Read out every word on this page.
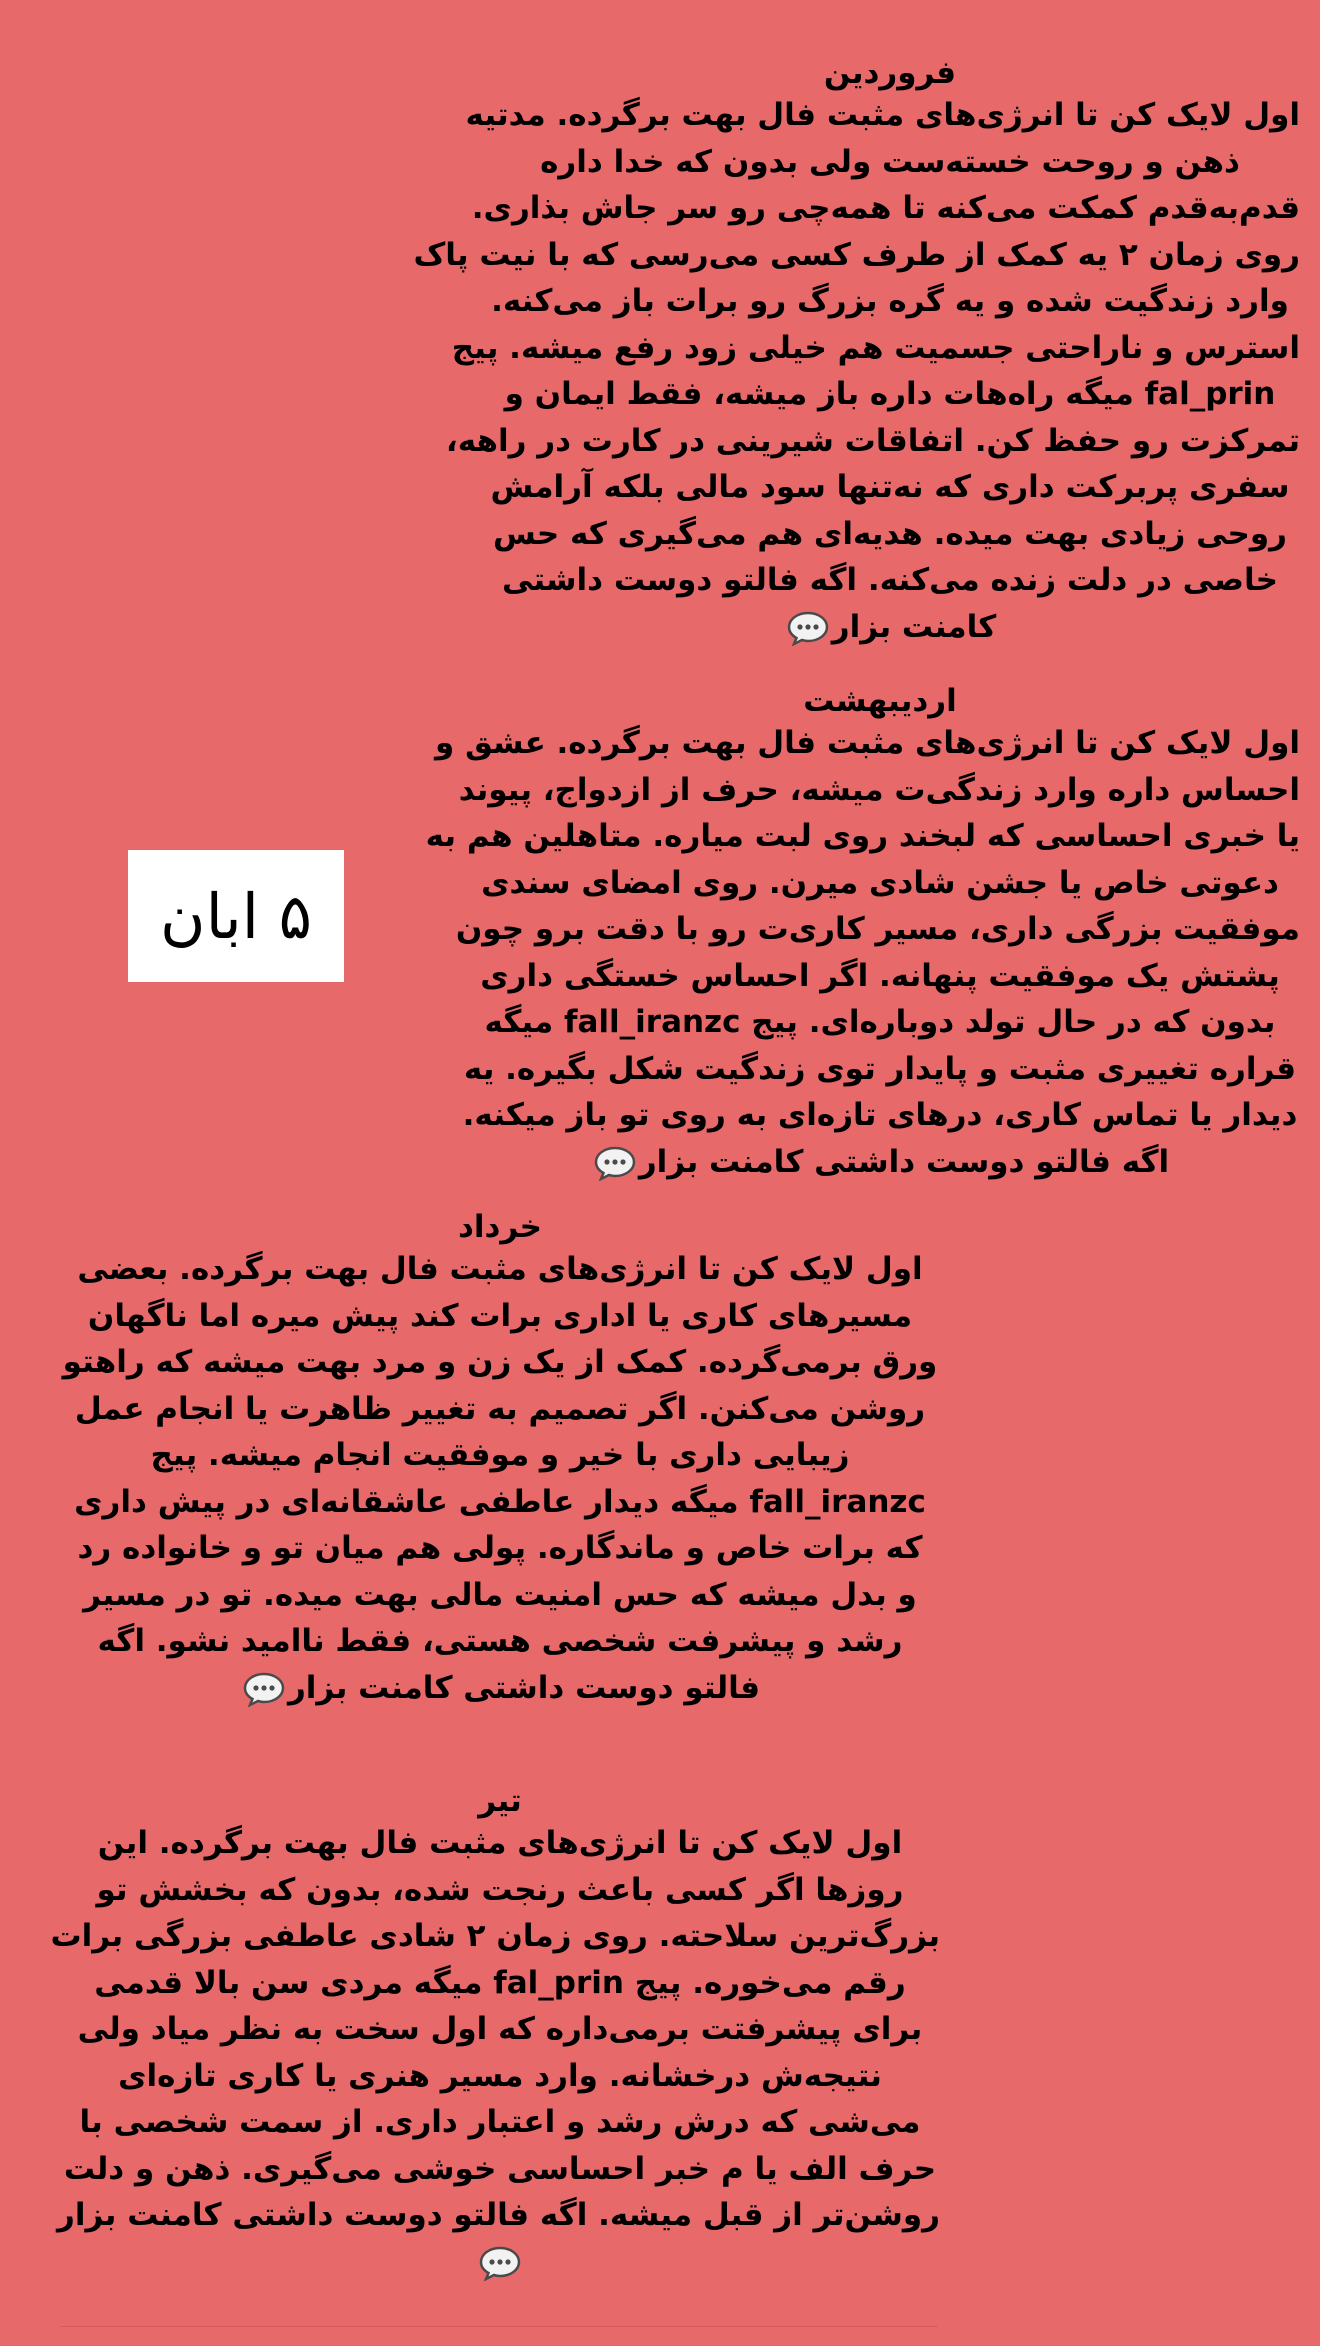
فروردین
اول لایک کن تا انرژی‌های مثبت فال بهت برگرده. مدتیه
ذهن و روحت خسته‌ست ولی بدون که خدا داره
قدم‌به‌قدم کمکت می‌کنه تا همه‌چی رو سر جاش بذاری.
روی زمان ۲ یه کمک از طرف کسی می‌رسی که با نیت پاک
وارد زندگیت شده و یه گره بزرگ رو برات باز می‌کنه.
استرس و ناراحتی جسمیت هم خیلی زود رفع میشه. پیج
fal_prin میگه راه‌هات داره باز میشه، فقط ایمان و
تمرکزت رو حفظ کن. اتفاقات شیرینی در کارت در راهه،
سفری پربرکت داری که نه‌تنها سود مالی بلکه آرامش
روحی زیادی بهت میده. هدیه‌ای هم می‌گیری که حس
خاصی در دلت زنده می‌کنه. اگه فالتو دوست داشتی
کامنت بزار
اردیبهشت
اول لایک کن تا انرژی‌های مثبت فال بهت برگرده. عشق و
احساس داره وارد زندگی‌ت میشه، حرف از ازدواج، پیوند
یا خبری احساسی که لبخند روی لبت میاره. متاهلین هم به
دعوتی خاص یا جشن شادی میرن. روی امضای سندی
موفقیت بزرگی داری، مسیر کاری‌ت رو با دقت برو چون
پشتش یک موفقیت پنهانه. اگر احساس خستگی داری
بدون که در حال تولد دوباره‌ای. پیج fall_iranzc میگه
قراره تغییری مثبت و پایدار توی زندگیت شکل بگیره. یه
دیدار یا تماس کاری، درهای تازه‌ای به روی تو باز میکنه.
اگه فالتو دوست داشتی کامنت بزار
۵ ابان
خرداد
اول لایک کن تا انرژی‌های مثبت فال بهت برگرده. بعضی
مسیرهای کاری یا اداری برات کند پیش میره اما ناگهان
ورق برمی‌گرده. کمک از یک زن و مرد بهت میشه که راهتو
روشن می‌کنن. اگر تصمیم به تغییر ظاهرت یا انجام عمل
زیبایی داری با خیر و موفقیت انجام میشه. پیج
fall_iranzc میگه دیدار عاطفی عاشقانه‌ای در پیش داری
که برات خاص و ماندگاره. پولی هم میان تو و خانواده رد
و بدل میشه که حس امنیت مالی بهت میده. تو در مسیر
رشد و پیشرفت شخصی هستی، فقط ناامید نشو. اگه
فالتو دوست داشتی کامنت بزار
تیر
اول لایک کن تا انرژی‌های مثبت فال بهت برگرده. این
روزها اگر کسی باعث رنجت شده، بدون که بخشش تو
بزرگ‌ترین سلاحته. روی زمان ۲ شادی عاطفی بزرگی برات
رقم می‌خوره. پیج fal_prin میگه مردی سن بالا قدمی
برای پیشرفتت برمی‌داره که اول سخت به نظر میاد ولی
نتیجه‌ش درخشانه. وارد مسیر هنری یا کاری تازه‌ای
می‌شی که درش رشد و اعتبار داری. از سمت شخصی با
حرف الف یا م خبر احساسی خوشی می‌گیری. ذهن و دلت
روشن‌تر از قبل میشه. اگه فالتو دوست داشتی کامنت بزار
